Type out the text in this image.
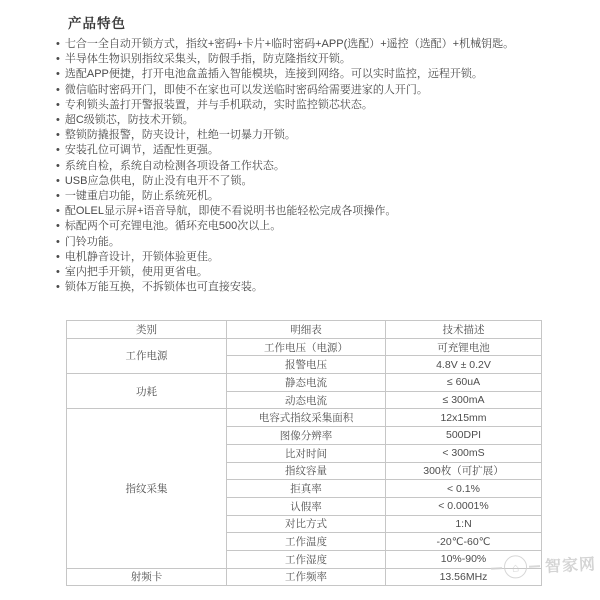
产品特色
• 七合一全自动开锁方式，指纹+密码+卡片+临时密码+APP(选配）+遥控（选配）+机械钥匙。
• 半导体生物识别指纹采集头，防假手指，防克隆指纹开锁。
• 选配APP便捷，打开电池盒盖插入智能模块，连接到网络。可以实时监控，远程开锁。
• 微信临时密码开门，即使不在家也可以发送临时密码给需要进家的人开门。
• 专利锁头盖打开警报装置，并与手机联动，实时监控锁芯状态。
• 超C级锁芯，防技术开锁。
• 整锁防撬报警，防夹设计，杜绝一切暴力开锁。
• 安装孔位可调节，适配性更强。
• 系统自检，系统自动检测各项设备工作状态。
• USB应急供电，防止没有电开不了锁。
• 一键重启功能，防止系统死机。
• 配OLEL显示屏+语音导航，即使不看说明书也能轻松完成各项操作。
• 标配两个可充锂电池。循环充电500次以上。
• 门铃功能。
• 电机静音设计，开锁体验更佳。
• 室内把手开锁，使用更省电。
• 锁体万能互换，不拆锁体也可直接安装。
类别	明细表	技术描述
工作电源	工作电压（电源）	可充锂电池
	报警电压	4.8V ± 0.2V
功耗	静态电流	≤ 60uA
	动态电流	≤ 300mA
指纹采集	电容式指纹采集面积	12x15mm
	图像分辨率	500DPI
	比对时间	< 300mS
	指纹容量	300枚（可扩展）
	拒真率	< 0.1%
	认假率	< 0.0001%
	对比方式	1:N
	工作温度	-20℃-60℃
	工作湿度	10%-90%
射频卡	工作频率	13.56MHz
⌂	智家网
